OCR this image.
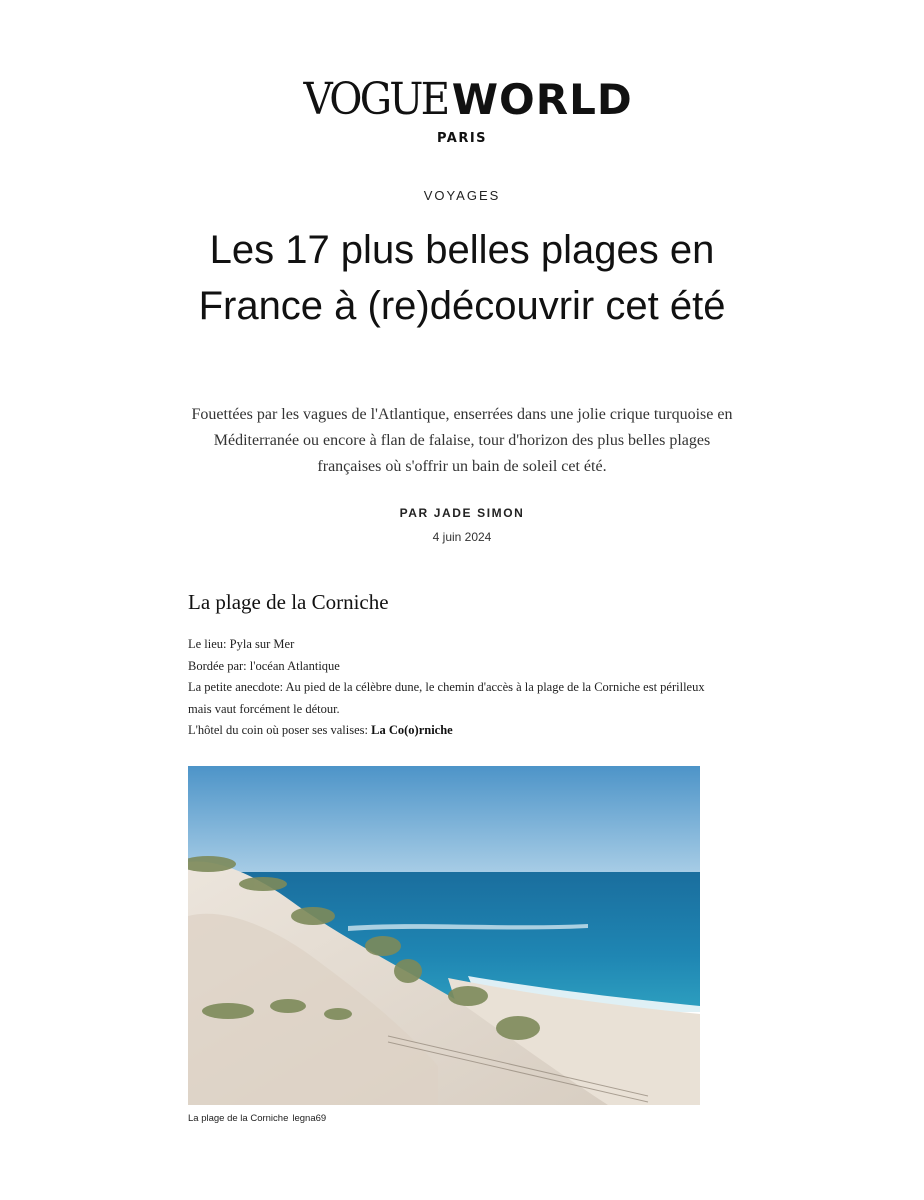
VOGUEWORLD
PARIS
VOYAGES
Les 17 plus belles plages en France à (re)découvrir cet été

Fouettées par les vagues de l'Atlantique, enserrées dans une jolie crique turquoise en Méditerranée ou encore à flan de falaise, tour d'horizon des plus belles plages françaises où s'offrir un bain de soleil cet été.

PAR JADE SIMON
4 juin 2024
La plage de la Corniche

Le lieu: Pyla sur Mer

Bordée par: l'océan Atlantique

La petite anecdote: Au pied de la célèbre dune, le chemin d'accès à la plage de la Corniche est périlleux mais vaut forcément le détour.

L'hôtel du coin où poser ses valises: La Co(o)rniche

La plage de la Corniche legna69
